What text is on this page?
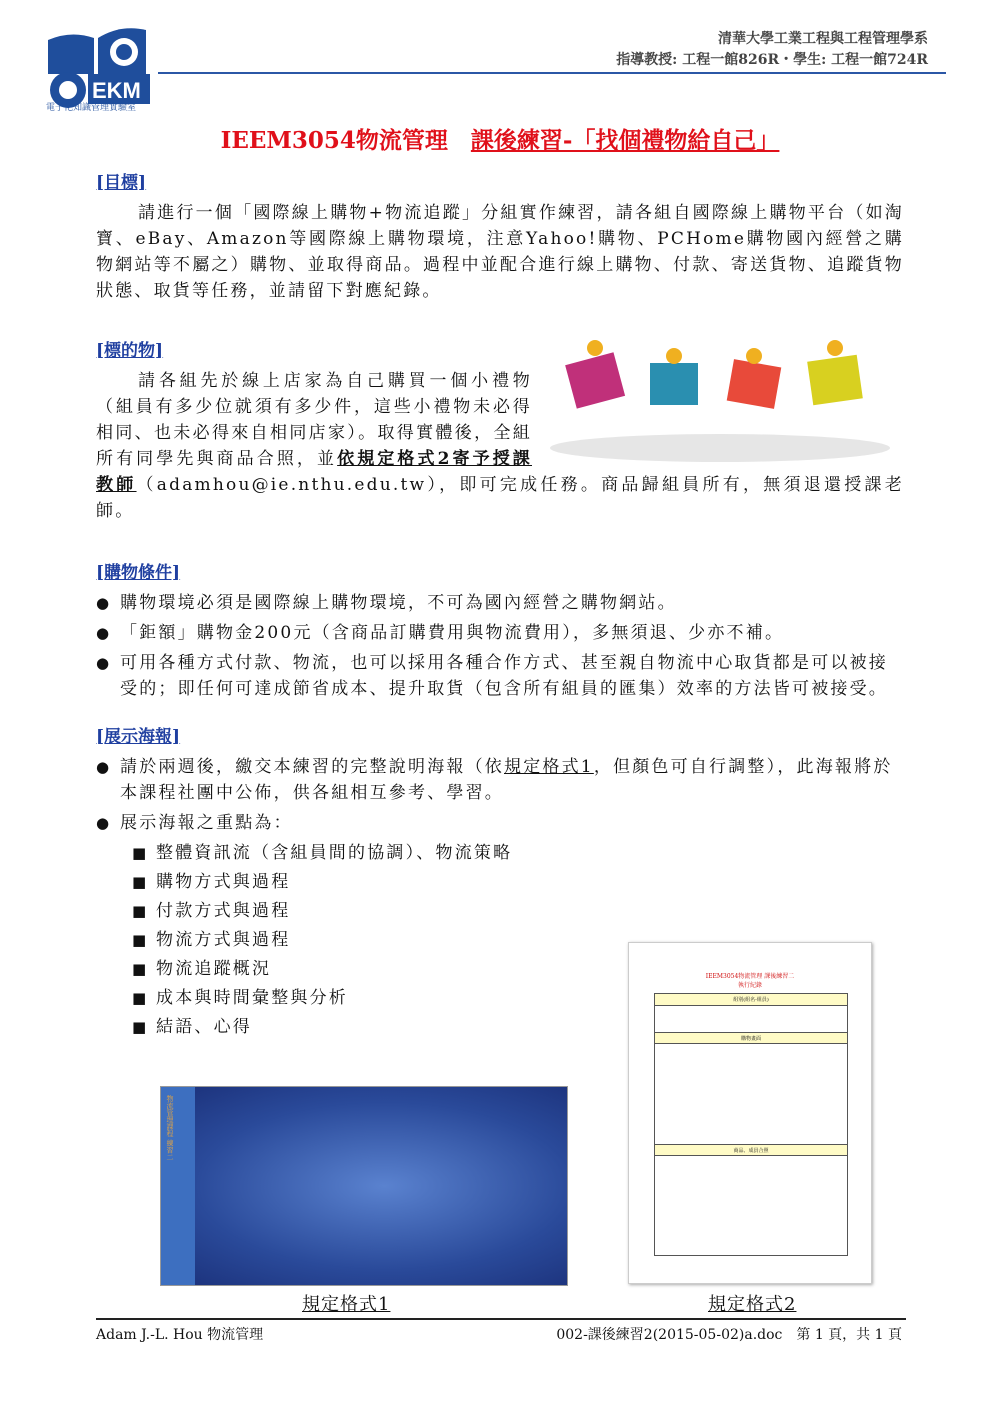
EKM
電子化知識管理實驗室
清華大學工業工程與工程管理學系
指導教授: 工程一館826R・學生: 工程一館724R
IEEM3054物流管理　 課後練習-「找個禮物給自己」
[目標]
請進行一個「國際線上購物+物流追蹤」分組實作練習，請各組自國際線上購物平台（如淘寶、eBay、Amazon等國際線上購物環境，注意Yahoo!購物、PCHome購物國內經營之購物網站等不屬之）購物、並取得商品。過程中並配合進行線上購物、付款、寄送貨物、追蹤貨物狀態、取貨等任務，並請留下對應紀錄。
[標的物]
請各組先於線上店家為自己購買一個小禮物（組員有多少位就須有多少件，這些小禮物未必得相同、也未必得來自相同店家）。取得實體後，全組所有同學先與商品合照，並依規定格式2寄予授課教師（adamhou@ie.nthu.edu.tw），即可完成任務。商品歸組員所有，無須退還授課老師。
[購物條件]
● 購物環境必須是國際線上購物環境，不可為國內經營之購物網站。
● 「鉅額」購物金200元（含商品訂購費用與物流費用），多無須退、少亦不補。
● 可用各種方式付款、物流，也可以採用各種合作方式、甚至親自物流中心取貨都是可以被接受的；即任何可達成節省成本、提升取貨（包含所有組員的匯集）效率的方法皆可被接受。
[展示海報]
● 請於兩週後，繳交本練習的完整說明海報（依規定格式1，但顏色可自行調整），此海報將於本課程社團中公佈，供各組相互參考、學習。
● 展示海報之重點為：
■ 整體資訊流（含組員間的協調）、物流策略
■ 購物方式與過程
■ 付款方式與過程
■ 物流方式與過程
■ 物流追蹤概況
■ 成本與時間彙整與分析
■ 結語、心得
物流管理課程 練習二
規定格式1
IEEM3054物流管理 課後練習二
執行紀錄
組別(組名-組員)
購物畫面
商品、成員合照
規定格式2
Adam J.-L. Hou 物流管理	002-課後練習2(2015-05-02)a.doc　第 1 頁，共 1 頁
